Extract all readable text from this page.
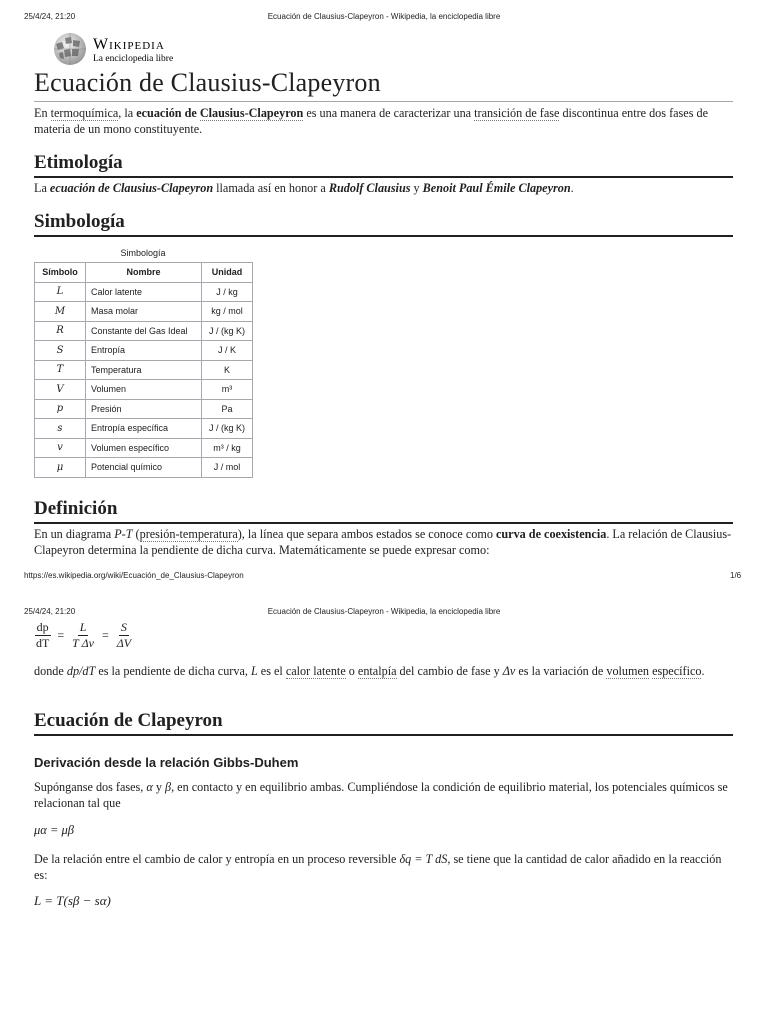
25/4/24, 21:20	Ecuación de Clausius-Clapeyron - Wikipedia, la enciclopedia libre
Wikipedia
La enciclopedia libre
Ecuación de Clausius-Clapeyron
En termoquímica, la ecuación de Clausius-Clapeyron es una manera de caracterizar una transición de fase discontinua entre dos fases de materia de un mono constituyente.
Etimología
La ecuación de Clausius-Clapeyron llamada así en honor a Rudolf Clausius y Benoit Paul Émile Clapeyron.
Simbología
Simbología
Símbolo	Nombre	Unidad
L	Calor latente	J / kg
M	Masa molar	kg / mol
R	Constante del Gas Ideal	J / (kg K)
S	Entropía	J / K
T	Temperatura	K
V	Volumen	m³
p	Presión	Pa
s	Entropía específica	J / (kg K)
v	Volumen específico	m³ / kg
μ	Potencial químico	J / mol
Definición
En un diagrama P-T (presión-temperatura), la línea que separa ambos estados se conoce como curva de coexistencia. La relación de Clausius-Clapeyron determina la pendiente de dicha curva. Matemáticamente se puede expresar como:
https://es.wikipedia.org/wiki/Ecuación_de_Clausius-Clapeyron	1/6
25/4/24, 21:20	Ecuación de Clausius-Clapeyron - Wikipedia, la enciclopedia libre
$\frac{dp}{dT} = \frac{L}{\text{T Δv}} = \frac{S}{\Delta V}$
donde dp/dT es la pendiente de dicha curva, L es el calor latente o entalpía del cambio de fase y Δv es la variación de volumen específico.
Ecuación de Clapeyron
Derivación desde la relación Gibbs-Duhem
Supónganse dos fases, α y β, en contacto y en equilibrio ambas. Cumpliéndose la condición de equilibrio material, los potenciales químicos se relacionan tal que
μα = μβ
De la relación entre el cambio de calor y entropía en un proceso reversible δq = T dS, se tiene que la cantidad de calor añadido en la reacción es:
L = T(sβ − sα)
